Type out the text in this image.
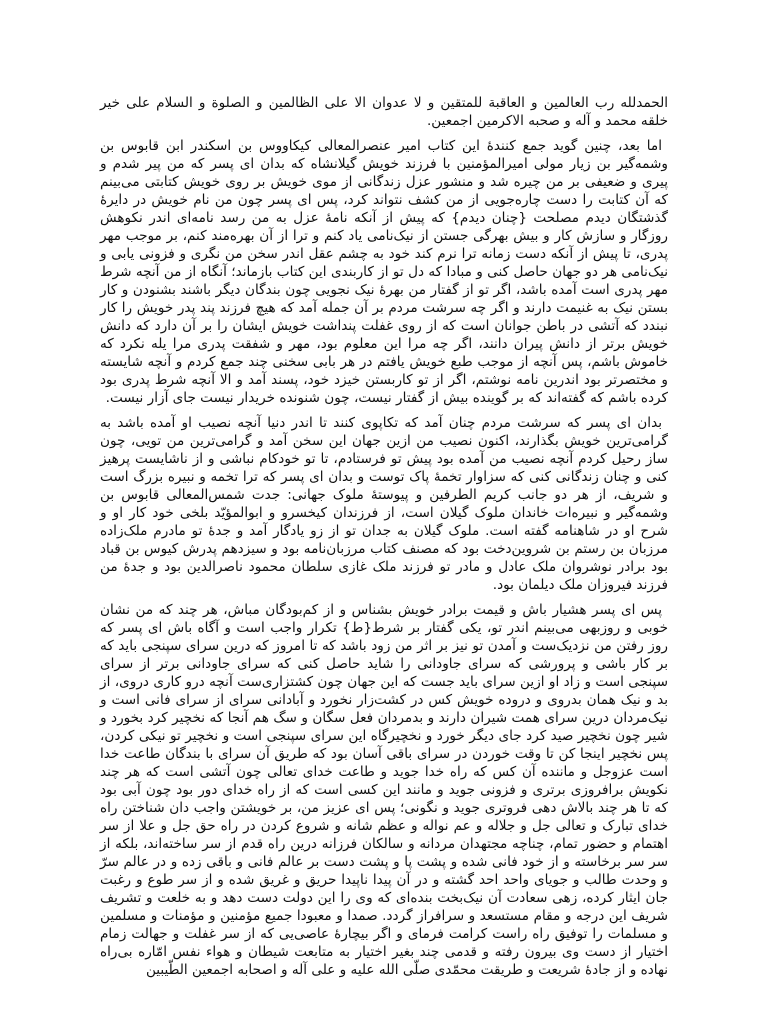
الحمدلله رب العالمین و العاقبة للمتقین و لا عدوان الا علی الظالمین و الصلوة و السلام علی خیر خلقه محمد و آله و صحبه الاکرمین اجمعین.

اما بعد، چنین گوید جمع کنندهٔ این کتاب امیر عنصرالمعالی کیکاووس بن اسکندر ابن قابوس بن وشمه‌گیر بن زیار مولی امیرالمؤمنین با فرزند خویش گیلانشاه که بدان ای پسر که من پیر شدم و پیری و ضعیفی بر من چیره شد و منشور عزل زندگانی از موی خویش بر روی خویش کتابتی می‌بینم که آن کتابت را دست چاره‌جویی از من کشف نتواند کرد، پس ای پسر چون من نام خویش در دایرهٔ گذشتگان دیدم مصلحت {چنان دیدم} که پیش از آنکه نامهٔ عزل به من رسد نامه‌ای اندر نکوهش روزگار و سازش کار و بیش بهرگی جستن از نیک‌نامی یاد کنم و ترا از آن بهره‌مند کنم، بر موجب مهر پدری، تا پیش از آنکه دست زمانه ترا نرم کند خود به چشم عقل اندر سخن من نگری و فزونی یابی و نیک‌نامی هر دو جهان حاصل کنی و مبادا که دل تو از کاربندی این کتاب بازماند؛ آنگاه از من آنچه شرط مهر پدری است آمده باشد، اگر تو از گفتار من بهرهٔ نیک نجویی چون بندگان دیگر باشند بشنودن و کار بستن نیک به غنیمت دارند و اگر چه سرشت مردم بر آن جمله آمد که هیچ فرزند پند پدر خویش را کار نبندد که آتشی در باطن جوانان است که از روی غفلت پنداشت خویش ایشان را بر آن دارد که دانش خویش برتر از دانش پیران دانند، اگر چه مرا این معلوم بود، مهر و شفقت پدری مرا یله نکرد که خاموش باشم، پس آنچه از موجب طبع خویش یافتم در هر بابی سخنی چند جمع کردم و آنچه شایسته و مختصرتر بود اندرین نامه نوشتم، اگر از تو کاربستن خیزد خود، پسند آمد و الا آنچه شرط پدری بود کرده باشم که گفته‌اند که بر گوینده بیش از گفتار نیست، چون شنونده خریدار نیست جای آزار نیست.

بدان ای پسر که سرشت مردم چنان آمد که تکاپوی کنند تا اندر دنیا آنچه نصیب او آمده باشد به گرامی‌ترین خویش بگذارند، اکنون نصیب من ازین جهان این سخن آمد و گرامی‌ترین من تویی، چون ساز رحیل کردم آنچه نصیب من آمده بود پیش تو فرستادم، تا تو خودکام نباشی و از ناشایست پرهیز کنی و چنان زندگانی کنی که سزاوار تخمهٔ پاک توست و بدان ای پسر که ترا تخمه و نبیره بزرگ است و شریف، از هر دو جانب کریم الطرفین و پیوستهٔ ملوک جهانی: جدت شمس‌المعالی قابوس بن وشمه‌گیر و نبیره‌ات خاندان ملوک گیلان است، از فرزندان کیخسرو و ابوالمؤیّد بلخی خود کار او و شرح او در شاهنامه گفته است. ملوک گیلان به جدان تو از زو یادگار آمد و جدهٔ تو مادرم ملک‌زاده مرزبان بن رستم بن شروین‌دخت بود که مصنف کتاب مرزبان‌نامه بود و سیزدهم پدرش کیوس بن قباد بود برادر نوشروان ملک عادل و مادر تو فرزند ملک غازی سلطان محمود ناصرالدین بود و جدهٔ من فرزند فیروزان ملک دیلمان بود.

پس ای پسر هشیار باش و قیمت برادر خویش بشناس و از کم‌بودگان مباش، هر چند که من نشان خوبی و روزبهی می‌بینم اندر تو، یکی گفتار بر شرط{ط} تکرار واجب است و آگاه باش ای پسر که روز رفتن من نزدیک‌ست و آمدن تو نیز بر اثر من زود باشد که تا امروز که درین سرای سپنجی باید که بر کار باشی و پرورشی که سرای جاودانی را شاید حاصل کنی که سرای جاودانی برتر از سرای سپنجی است و زاد او ازین سرای باید جست که این جهان چون کشتزاری‌ست آنچه درو کاری دروی، از بد و نیک همان بدروی و دروده خویش کس در کشت‌زار نخورد و آبادانی سرای از سرای فانی است و نیک‌مردان درین سرای همت شیران دارند و بدمردان فعل سگان و سگ هم آنجا که نخچیر کرد بخورد و شیر چون نخچیر صید کرد جای دیگر خورد و نخچیرگاه این سرای سپنجی است و نخچیر تو نیکی کردن، پس نخچیر اینجا کن تا وقت خوردن در سرای باقی آسان بود که طریق آن سرای با بندگان طاعت خدا است عزوجل و ماننده آن کس که راه خدا جوید و طاعت خدای تعالی چون آتشی است که هر چند نکویش برافروزی برتری و فزونی جوید و مانند این کسی است که از راه خدای دور بود چون آبی بود که تا هر چند بالاش دهی فروتری جوید و نگونی؛ پس ای عزیز من، بر خویشتن واجب دان شناختن راه خدای تبارک و تعالی جل و جلاله و عم نواله و عظم شانه و شروع کردن در راه حق جل و علا از سر اهتمام و حضور تمام، چناچه مجتهدان مردانه و سالکان فرزانه درین راه قدم از سر ساخته‌اند، بلکه از سر سر برخاسته و از خود فانی شده و پشت پا و پشت دست بر عالم فانی و باقی زده و در عالم سرّ و وحدت طالب و جویای واحد احد گشته و در آن پیدا ناپیدا حریق و غریق شده و از سر طوع و رغبت جان ایثار کرده، زهی سعادت آن نیک‌بخت بنده‌ای که وی را این دولت دست دهد و به خلعت و تشریف شریف این درجه و مقام مستسعد و سرافراز گردد. صمدا و معبودا جمیع مؤمنین و مؤمنات و مسلمین و مسلمات را توفیق راه راست کرامت فرمای و اگر بیچارهٔ عاصی‌یی که از سر غفلت و جهالت زمام اختیار از دست وی بیرون رفته و قدمی چند بغیر اختیار به متابعت شیطان و هواء نفس امّاره بی‌راه نهاده و از جادهٔ شریعت و طریقت محمّدی صلّی الله علیه و علی آله و اصحابه اجمعین الطّیبین
